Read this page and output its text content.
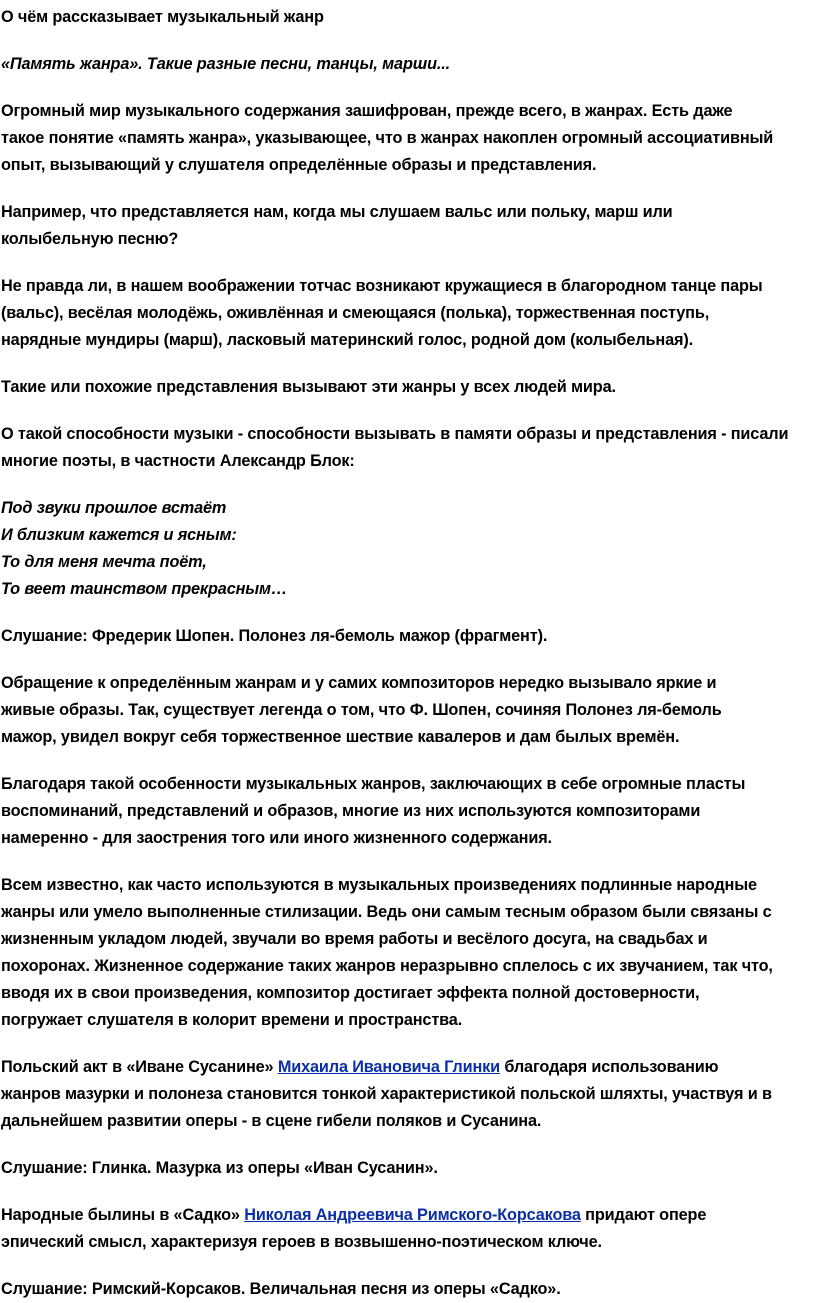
О чём рассказывает музыкальный жанр

«Память жанра». Такие разные песни, танцы, марши...

Огромный мир музыкального содержания зашифрован, прежде всего, в жанрах. Есть даже

такое понятие «память жанра», указывающее, что в жанрах накоплен огромный ассоциативный

опыт, вызывающий у слушателя определённые образы и представления.

Например, что представляется нам, когда мы слушаем вальс или польку, марш или

колыбельную песню?

Не правда ли, в нашем воображении тотчас возникают кружащиеся в благородном танце пары

(вальс), весёлая молодёжь, оживлённая и смеющаяся (полька), торжественная поступь,

нарядные мундиры (марш), ласковый материнский голос, родной дом (колыбельная).

Такие или похожие представления вызывают эти жанры у всех людей мира.

О такой способности музыки - способности вызывать в памяти образы и представления - писали

многие поэты, в частности Александр Блок:

Под звуки прошлое встаёт

И близким кажется и ясным:

То для меня мечта поёт,

То веет таинством прекрасным…

Слушание: Фредерик Шопен. Полонез ля-бемоль мажор (фрагмент).

Обращение к определённым жанрам и у самих композиторов нередко вызывало яркие и

живые образы. Так, существует легенда о том, что Ф. Шопен, сочиняя Полонез ля-бемоль

мажор, увидел вокруг себя торжественное шествие кавалеров и дам былых времён.

Благодаря такой особенности музыкальных жанров, заключающих в себе огромные пласты

воспоминаний, представлений и образов, многие из них используются композиторами

намеренно - для заострения того или иного жизненного содержания.

Всем известно, как часто используются в музыкальных произведениях подлинные народные

жанры или умело выполненные стилизации. Ведь они самым тесным образом были связаны с

жизненным укладом людей, звучали во время работы и весёлого досуга, на свадьбах и

похоронах. Жизненное содержание таких жанров неразрывно сплелось с их звучанием, так что,

вводя их в свои произведения, композитор достигает эффекта полной достоверности,

погружает слушателя в колорит времени и пространства.

Польский акт в «Иване Сусанине» Михаила Ивановича Глинки благодаря использованию

жанров мазурки и полонеза становится тонкой характеристикой польской шляхты, участвуя и в

дальнейшем развитии оперы - в сцене гибели поляков и Сусанина.

Слушание: Глинка. Мазурка из оперы «Иван Сусанин».

Народные былины в «Садко» Николая Андреевича Римского-Корсакова придают опере

эпический смысл, характеризуя героев в возвышенно-поэтическом ключе.

Слушание: Римский-Корсаков. Величальная песня из оперы «Садко».
